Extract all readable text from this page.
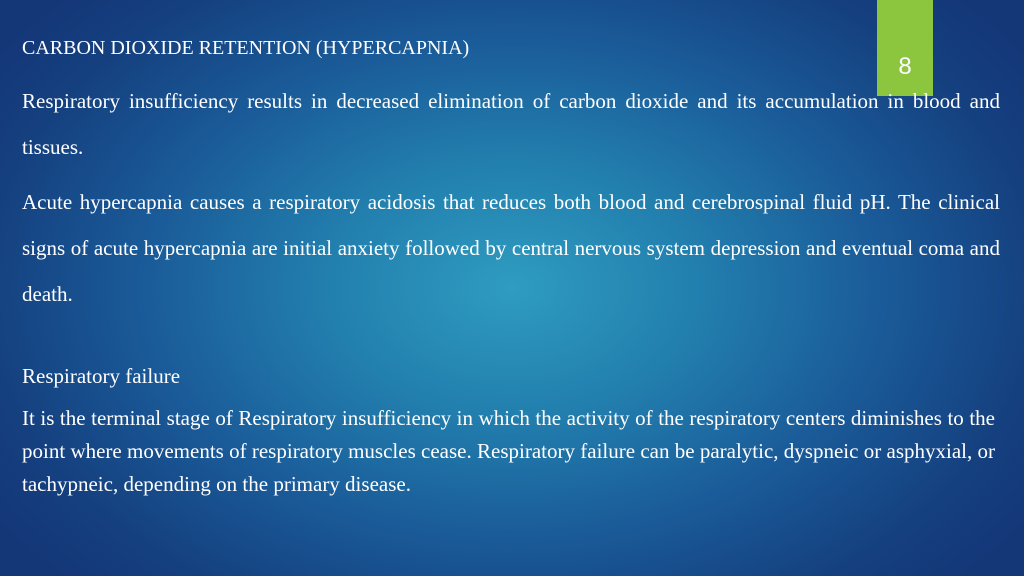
8

CARBON DIOXIDE RETENTION (HYPERCAPNIA)

Respiratory insufficiency results in decreased elimination of carbon dioxide and its accumulation in blood and tissues.

Acute hypercapnia causes a respiratory acidosis that reduces both blood and cerebrospinal fluid pH. The clinical signs of acute hypercapnia are initial anxiety followed by central nervous system depression and eventual coma and death.

Respiratory failure

It is the terminal stage of Respiratory insufficiency in which the activity of the respiratory centers diminishes to the point where movements of respiratory muscles cease. Respiratory failure can be paralytic, dyspneic or asphyxial, or tachypneic, depending on the primary disease.
